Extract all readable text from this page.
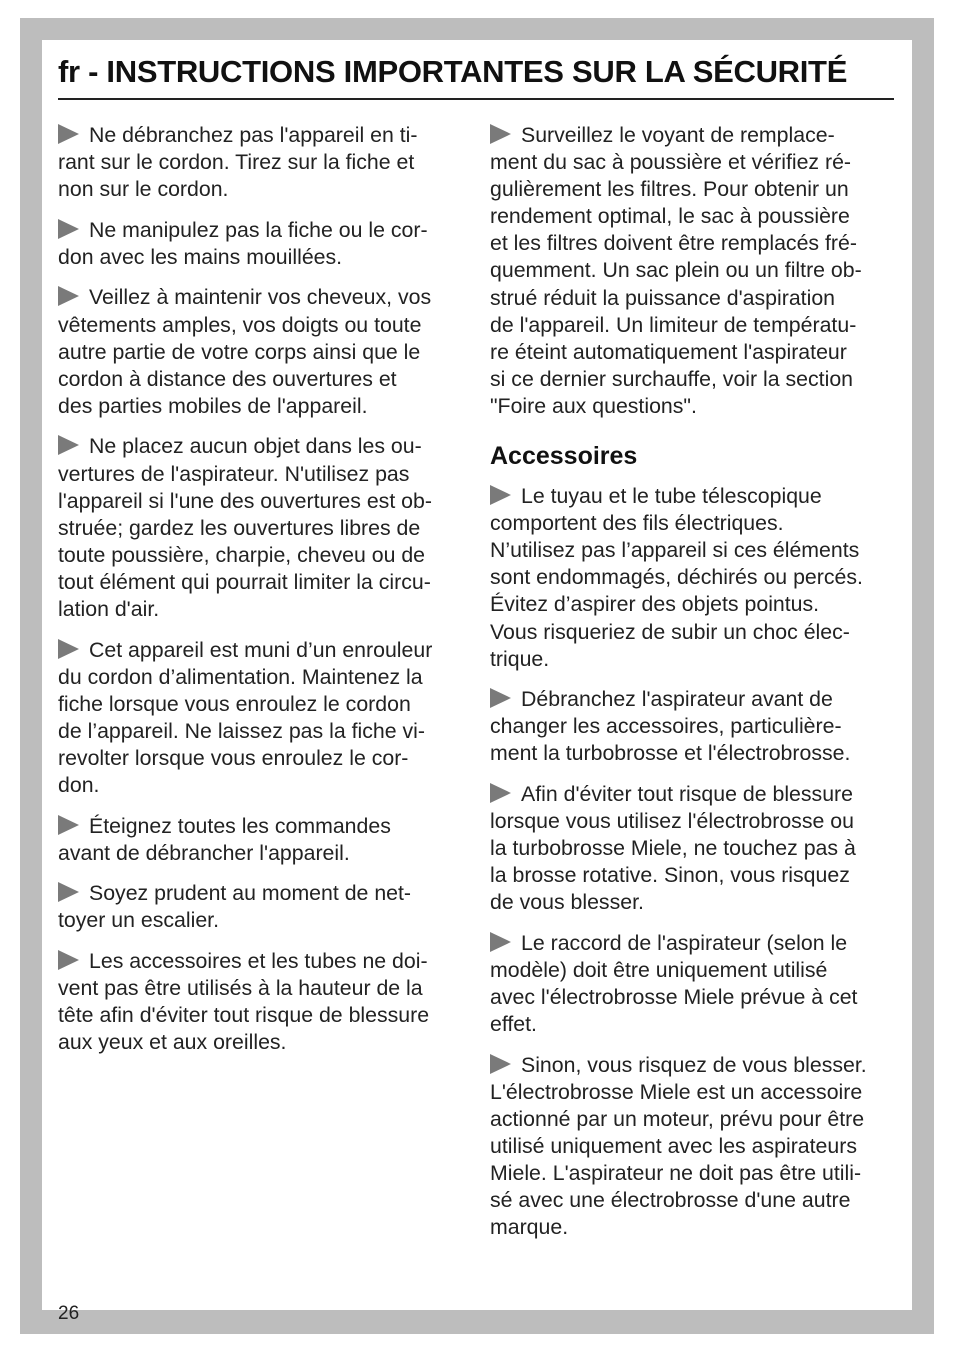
fr - INSTRUCTIONS IMPORTANTES SUR LA SÉCURITÉ

Ne débranchez pas l'appareil en ti-
rant sur le cordon. Tirez sur la fiche et
non sur le cordon.

Ne manipulez pas la fiche ou le cor-
don avec les mains mouillées.

Veillez à maintenir vos cheveux, vos
vêtements amples, vos doigts ou toute
autre partie de votre corps ainsi que le
cordon à distance des ouvertures et
des parties mobiles de l'appareil.

Ne placez aucun objet dans les ou-
vertures de l'aspirateur. N'utilisez pas
l'appareil si l'une des ouvertures est ob-
struée; gardez les ouvertures libres de
toute poussière, charpie, cheveu ou de
tout élément qui pourrait limiter la circu-
lation d'air.

Cet appareil est muni d’un enrouleur
du cordon d’alimentation. Maintenez la
fiche lorsque vous enroulez le cordon
de l’appareil. Ne laissez pas la fiche vi-
revolter lorsque vous enroulez le cor-
don.

Éteignez toutes les commandes
avant de débrancher l'appareil.

Soyez prudent au moment de net-
toyer un escalier.

Les accessoires et les tubes ne doi-
vent pas être utilisés à la hauteur de la
tête afin d'éviter tout risque de blessure
aux yeux et aux oreilles.

Surveillez le voyant de remplace-
ment du sac à poussière et vérifiez ré-
gulièrement les filtres. Pour obtenir un
rendement optimal, le sac à poussière
et les filtres doivent être remplacés fré-
quemment. Un sac plein ou un filtre ob-
strué réduit la puissance d'aspiration
de l'appareil. Un limiteur de températu-
re éteint automatiquement l'aspirateur
si ce dernier surchauffe, voir la section
"Foire aux questions".

Accessoires

Le tuyau et le tube télescopique
comportent des fils électriques.
N’utilisez pas l’appareil si ces éléments
sont endommagés, déchirés ou percés.
Évitez d’aspirer des objets pointus.
Vous risqueriez de subir un choc élec-
trique.

Débranchez l'aspirateur avant de
changer les accessoires, particulière-
ment la turbobrosse et l'électrobrosse.

Afin d'éviter tout risque de blessure
lorsque vous utilisez l'électrobrosse ou
la turbobrosse Miele, ne touchez pas à
la brosse rotative. Sinon, vous risquez
de vous blesser.

Le raccord de l'aspirateur (selon le
modèle) doit être uniquement utilisé
avec l'électrobrosse Miele prévue à cet
effet.

Sinon, vous risquez de vous blesser.
L'électrobrosse Miele est un accessoire
actionné par un moteur, prévu pour être
utilisé uniquement avec les aspirateurs
Miele. L'aspirateur ne doit pas être utili-
sé avec une électrobrosse d'une autre
marque.

26
